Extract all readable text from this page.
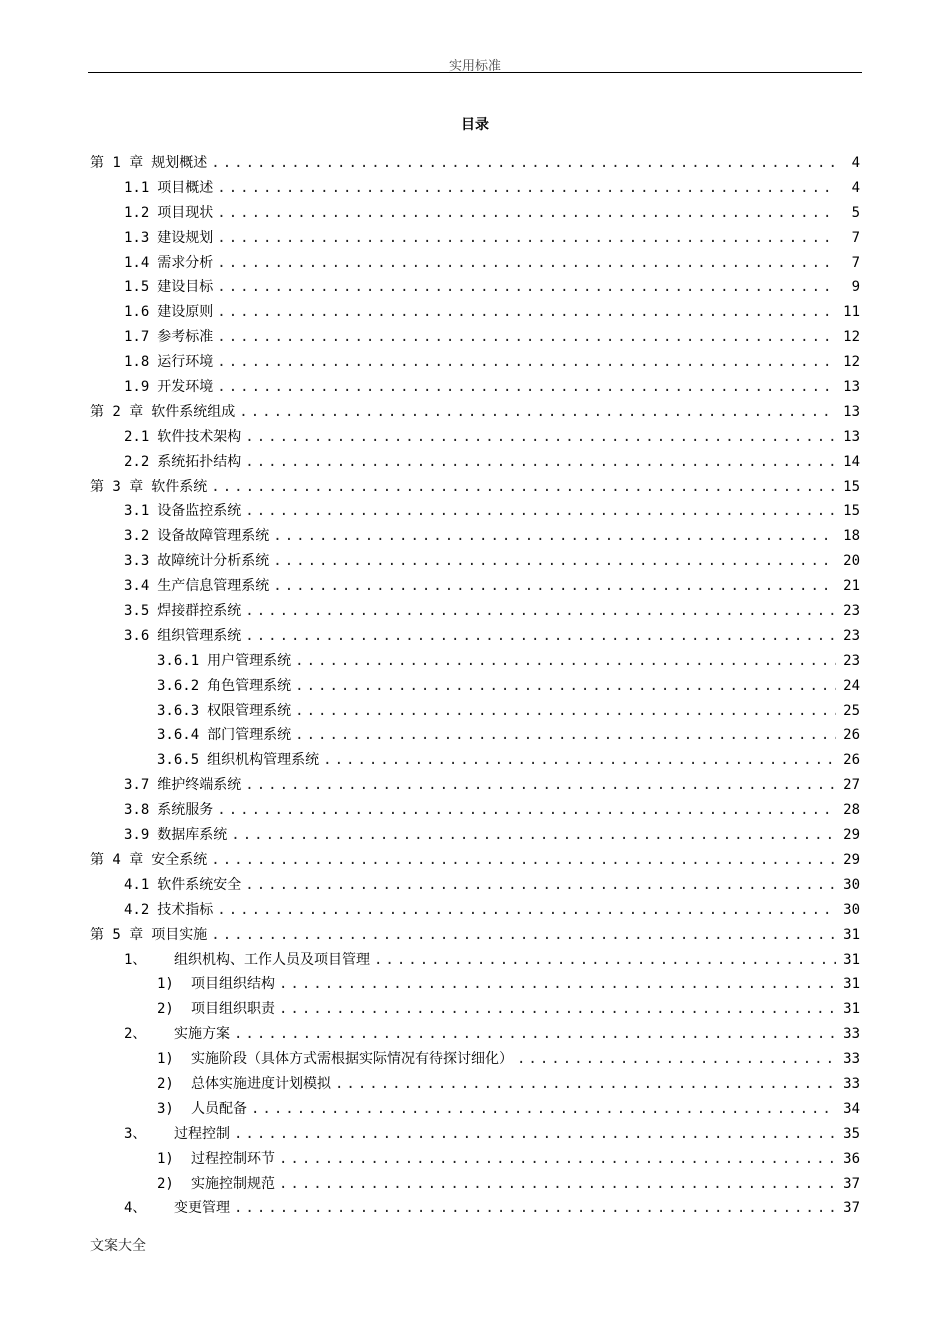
实用标准
目录
第 1 章 规划概述 .....	4
1.1 项目概述 .....	4
1.2 项目现状 .....	5
1.3 建设规划 .....	7
1.4 需求分析 .....	7
1.5 建设目标 .....	9
1.6 建设原则 .....	11
1.7 参考标准 .....	12
1.8 运行环境 .....	12
1.9 开发环境 .....	13
第 2 章 软件系统组成 .....	13
2.1 软件技术架构 .....	13
2.2 系统拓扑结构 .....	14
第 3 章 软件系统 .....	15
3.1 设备监控系统 .....	15
3.2 设备故障管理系统 .....	18
3.3 故障统计分析系统 .....	20
3.4 生产信息管理系统 .....	21
3.5 焊接群控系统 .....	23
3.6 组织管理系统 .....	23
3.6.1 用户管理系统 .....	23
3.6.2 角色管理系统 .....	24
3.6.3 权限管理系统 .....	25
3.6.4 部门管理系统 .....	26
3.6.5 组织机构管理系统 .....	26
3.7 维护终端系统 .....	27
3.8 系统服务 .....	28
3.9 数据库系统 .....	29
第 4 章 安全系统 .....	29
4.1 软件系统安全 .....	30
4.2 技术指标 .....	30
第 5 章 项目实施 .....	31
1、	组织机构、工作人员及项目管理 .....	31
1)	项目组织结构 .....	31
2)	项目组织职责 .....	31
2、	实施方案 .....	33
1)	实施阶段（具体方式需根据实际情况有待探讨细化） .....	33
2)	总体实施进度计划模拟 .....	33
3)	人员配备 .....	34
3、	过程控制 .....	35
1)	过程控制环节 .....	36
2)	实施控制规范 .....	37
4、	变更管理 .....	37
文案大全
